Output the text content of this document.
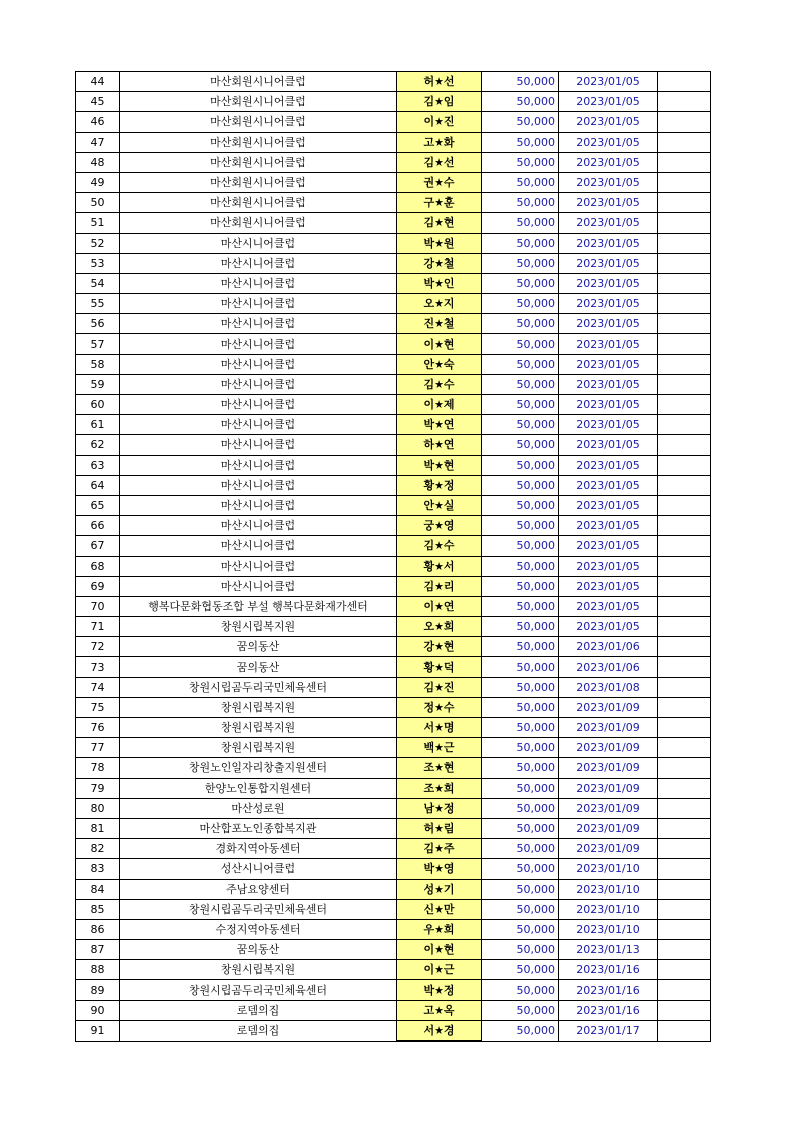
44	마산회원시니어클럽	허★선	50,000	2023/01/05	
45	마산회원시니어클럽	김★임	50,000	2023/01/05	
46	마산회원시니어클럽	이★진	50,000	2023/01/05	
47	마산회원시니어클럽	고★화	50,000	2023/01/05	
48	마산회원시니어클럽	김★선	50,000	2023/01/05	
49	마산회원시니어클럽	권★수	50,000	2023/01/05	
50	마산회원시니어클럽	구★훈	50,000	2023/01/05	
51	마산회원시니어클럽	김★현	50,000	2023/01/05	
52	마산시니어클럽	박★원	50,000	2023/01/05	
53	마산시니어클럽	강★철	50,000	2023/01/05	
54	마산시니어클럽	박★인	50,000	2023/01/05	
55	마산시니어클럽	오★지	50,000	2023/01/05	
56	마산시니어클럽	진★철	50,000	2023/01/05	
57	마산시니어클럽	이★현	50,000	2023/01/05	
58	마산시니어클럽	안★숙	50,000	2023/01/05	
59	마산시니어클럽	김★수	50,000	2023/01/05	
60	마산시니어클럽	이★제	50,000	2023/01/05	
61	마산시니어클럽	박★연	50,000	2023/01/05	
62	마산시니어클럽	하★연	50,000	2023/01/05	
63	마산시니어클럽	박★현	50,000	2023/01/05	
64	마산시니어클럽	황★정	50,000	2023/01/05	
65	마산시니어클럽	안★실	50,000	2023/01/05	
66	마산시니어클럽	궁★영	50,000	2023/01/05	
67	마산시니어클럽	김★수	50,000	2023/01/05	
68	마산시니어클럽	황★서	50,000	2023/01/05	
69	마산시니어클럽	김★리	50,000	2023/01/05	
70	행복다문화협동조합 부설 행복다문화재가센터	이★연	50,000	2023/01/05	
71	창원시립복지원	오★희	50,000	2023/01/05	
72	꿈의동산	강★현	50,000	2023/01/06	
73	꿈의동산	황★덕	50,000	2023/01/06	
74	창원시립곰두리국민체육센터	김★진	50,000	2023/01/08	
75	창원시립복지원	정★수	50,000	2023/01/09	
76	창원시립복지원	서★명	50,000	2023/01/09	
77	창원시립복지원	백★근	50,000	2023/01/09	
78	창원노인일자리창출지원센터	조★현	50,000	2023/01/09	
79	한양노인통합지원센터	조★희	50,000	2023/01/09	
80	마산성로원	남★정	50,000	2023/01/09	
81	마산합포노인종합복지관	허★림	50,000	2023/01/09	
82	경화지역아동센터	김★주	50,000	2023/01/09	
83	성산시니어클럽	박★영	50,000	2023/01/10	
84	주남요양센터	성★기	50,000	2023/01/10	
85	창원시립곰두리국민체육센터	신★만	50,000	2023/01/10	
86	수정지역아동센터	우★희	50,000	2023/01/10	
87	꿈의동산	이★현	50,000	2023/01/13	
88	창원시립복지원	이★근	50,000	2023/01/16	
89	창원시립곰두리국민체육센터	박★정	50,000	2023/01/16	
90	로뎀의집	고★옥	50,000	2023/01/16	
91	로뎀의집	서★경	50,000	2023/01/17	
